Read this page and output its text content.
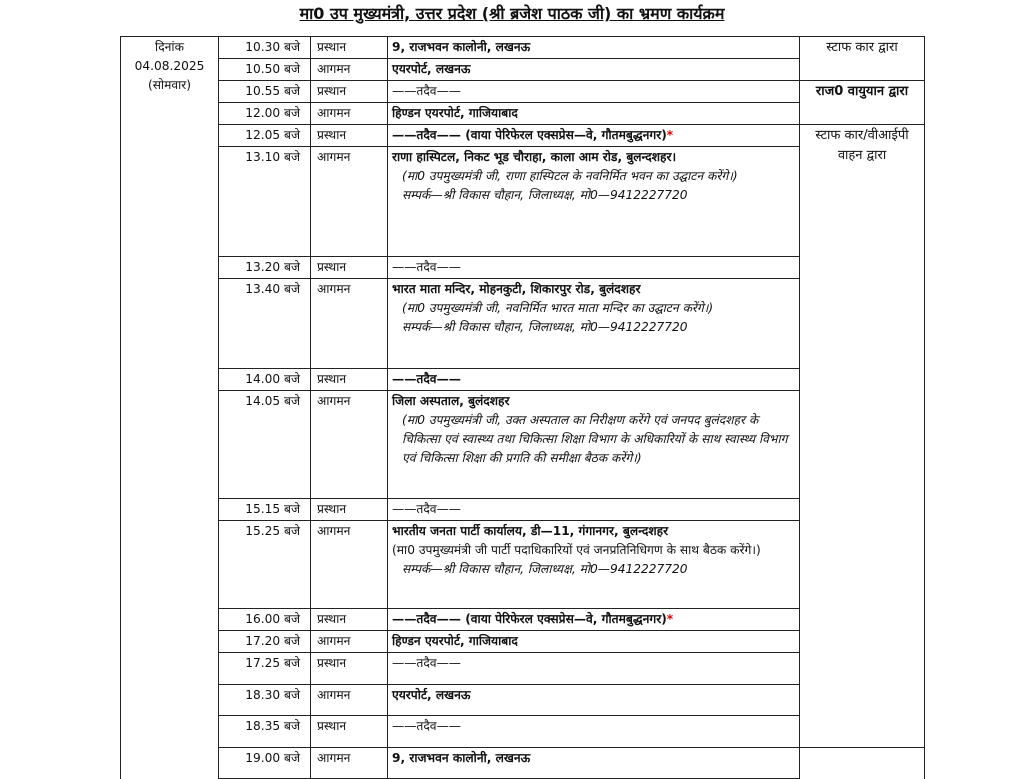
मा0 उप मुख्यमंत्री, उत्तर प्रदेश (श्री ब्रजेश पाठक जी) का भ्रमण कार्यक्रम
दिनांक
04.08.2025
(सोमवार)	10.30 बजे	प्रस्थान	9, राजभवन कालोनी, लखनऊ	स्टाफ कार द्वारा	
	10.50 बजे	आगमन	एयरपोर्ट, लखनऊ		
	10.55 बजे	प्रस्थान	——तदैव——	राज0 वायुयान द्वारा	
	12.00 बजे	आगमन	हिण्डन एयरपोर्ट, गाजियाबाद		
	12.05 बजे	प्रस्थान	——तदैव—— (वाया पेरिफेरल एक्सप्रेस—वे, गौतमबुद्धनगर)*	स्टाफ कार/वीआईपी वाहन द्वारा	
	13.10 बजे	आगमन	राणा हास्पिटल, निकट भूड चौराहा, काला आम रोड, बुलन्दशहर।
(मा0 उपमुख्यमंत्री जी, राणा हास्पिटल के नवनिर्मित भवन का उद्घाटन करेंगे।)
सम्पर्क—श्री विकास चौहान, जिलाध्यक्ष, मो0—9412227720		

	13.20 बजे	प्रस्थान	——तदैव——		
	13.40 बजे	आगमन	भारत माता मन्दिर, मोहनकुटी, शिकारपुर रोड, बुलंदशहर
(मा0 उपमुख्यमंत्री जी, नवनिर्मित भारत माता मन्दिर का उद्घाटन करेंगे।)
सम्पर्क—श्री विकास चौहान, जिलाध्यक्ष, मो0—9412227720		

	14.00 बजे	प्रस्थान	——तदैव——		
	14.05 बजे	आगमन	जिला अस्पताल, बुलंदशहर
(मा0 उपमुख्यमंत्री जी, उक्त अस्पताल का निरीक्षण करेंगे एवं जनपद बुलंदशहर के चिकित्सा एवं स्वास्थ्य तथा चिकित्सा शिक्षा विभाग के अधिकारियों के साथ स्वास्थ्य विभाग एवं चिकित्सा शिक्षा की प्रगति की समीक्षा बैठक करेंगे।)		

	15.15 बजे	प्रस्थान	——तदैव——		
	15.25 बजे	आगमन	भारतीय जनता पार्टी कार्यालय, डी—11, गंगानगर, बुलन्दशहर
(मा0 उपमुख्यमंत्री जी पार्टी पदाधिकारियों एवं जनप्रतिनिधिगण के साथ बैठक करेंगे।)
सम्पर्क—श्री विकास चौहान, जिलाध्यक्ष, मो0—9412227720		

	16.00 बजे	प्रस्थान	——तदैव—— (वाया पेरिफेरल एक्सप्रेस—वे, गौतमबुद्धनगर)*		
	17.20 बजे	आगमन	हिण्डन एयरपोर्ट, गाजियाबाद		
	17.25 बजे	प्रस्थान	——तदैव——	
	18.30 बजे	आगमन	एयरपोर्ट, लखनऊ		
	18.35 बजे	प्रस्थान	——तदैव——	
	19.00 बजे	आगमन	9, राजभवन कालोनी, लखनऊ		
